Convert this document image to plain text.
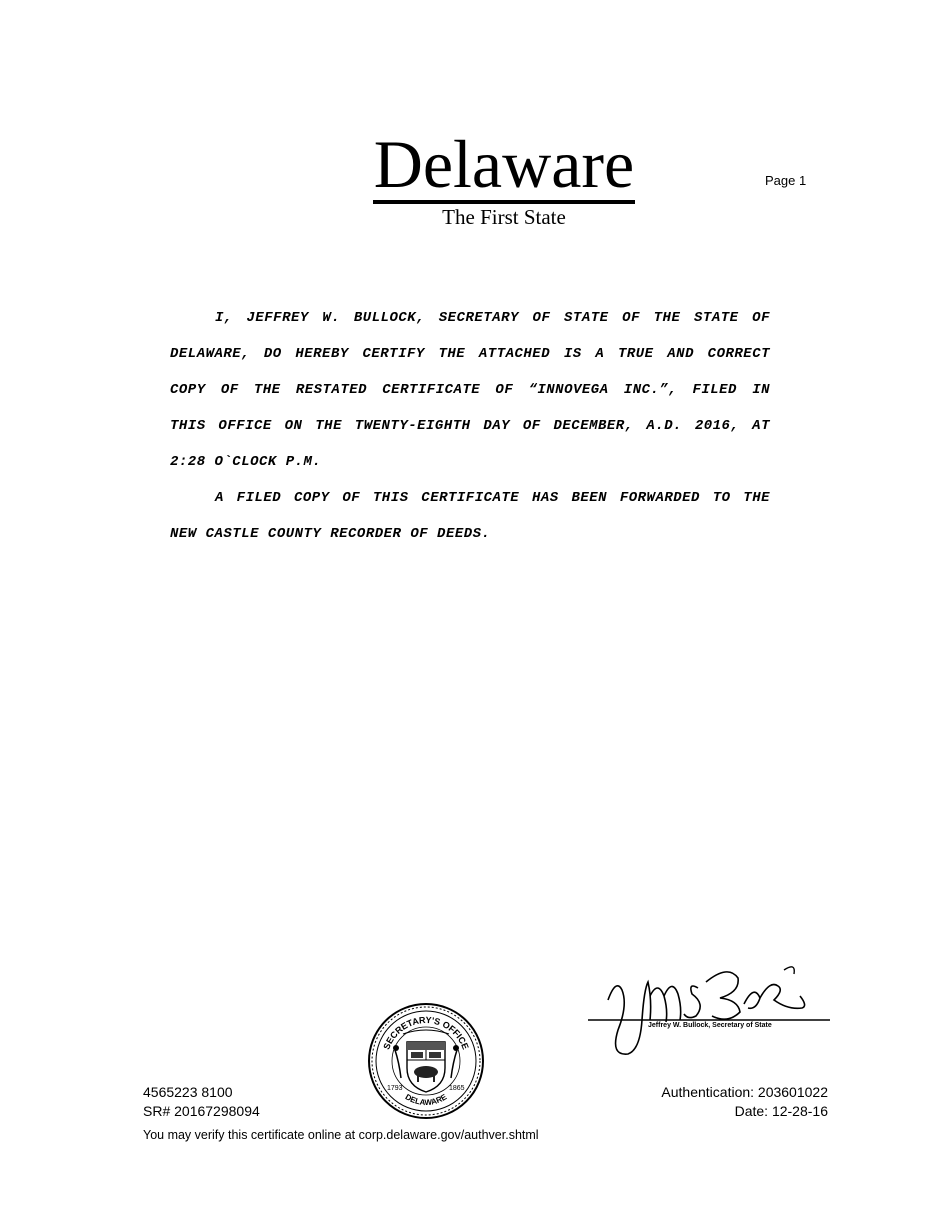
Delaware
The First State
Page 1
I, JEFFREY W. BULLOCK, SECRETARY OF STATE OF THE STATE OF
DELAWARE, DO HEREBY CERTIFY THE ATTACHED IS A TRUE AND CORRECT
COPY OF THE RESTATED CERTIFICATE OF “INNOVEGA INC.”, FILED IN
THIS OFFICE ON THE TWENTY-EIGHTH DAY OF DECEMBER, A.D. 2016, AT
2:28 O`CLOCK P.M.
A FILED COPY OF THIS CERTIFICATE HAS BEEN FORWARDED TO THE
NEW CASTLE COUNTY RECORDER OF DEEDS.
SECRETARY'S OFFICE
DELAWARE
1793	1865
Jeffrey W. Bullock, Secretary of State
4565223 8100
SR# 20167298094
Authentication: 203601022
Date: 12-28-16
You may verify this certificate online at corp.delaware.gov/authver.shtml
